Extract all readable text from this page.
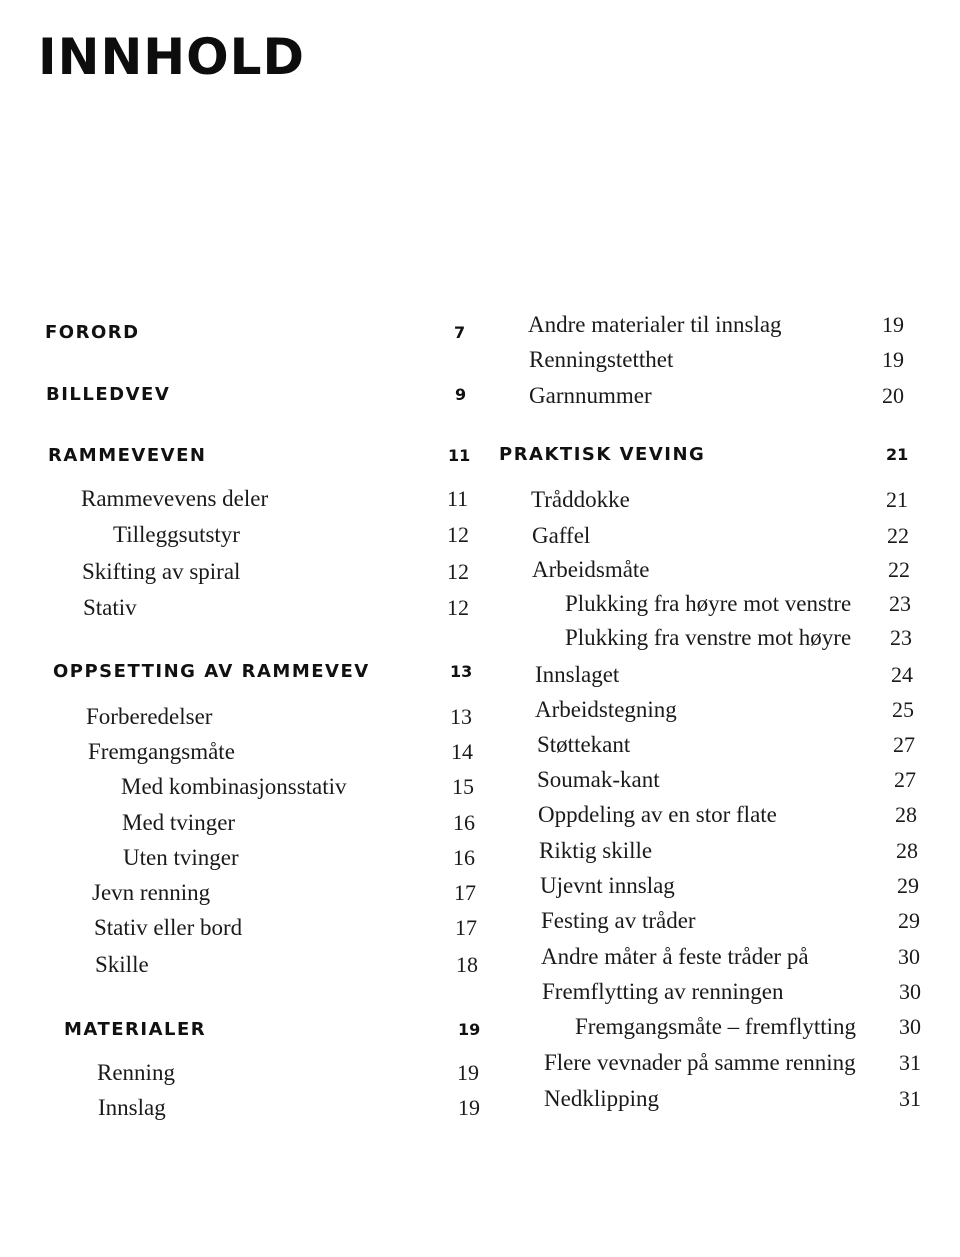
INNHOLD
FORORD	7
BILLEDVEV	9
RAMMEVEVEN	11
Rammevevens deler	11
Tilleggsutstyr	12
Skifting av spiral	12
Stativ	12
OPPSETTING AV RAMMEVEV	13
Forberedelser	13
Fremgangsmåte	14
Med kombinasjonsstativ	15
Med tvinger	16
Uten tvinger	16
Jevn renning	17
Stativ eller bord	17
Skille	18
MATERIALER	19
Renning	19
Innslag	19
Andre materialer til innslag	19
Renningstetthet	19
Garnnummer	20
PRAKTISK VEVING	21
Tråddokke	21
Gaffel	22
Arbeidsmåte	22
Plukking fra høyre mot venstre 23
Plukking fra venstre mot høyre 23
Innslaget	24
Arbeidstegning	25
Støttekant	27
Soumak-kant	27
Oppdeling av en stor flate	28
Riktig skille	28
Ujevnt innslag	29
Festing av tråder	29
Andre måter å feste tråder på	30
Fremflytting av renningen	30
Fremgangsmåte – fremflytting 30
Flere vevnader på samme renning 31
Nedklipping	31
